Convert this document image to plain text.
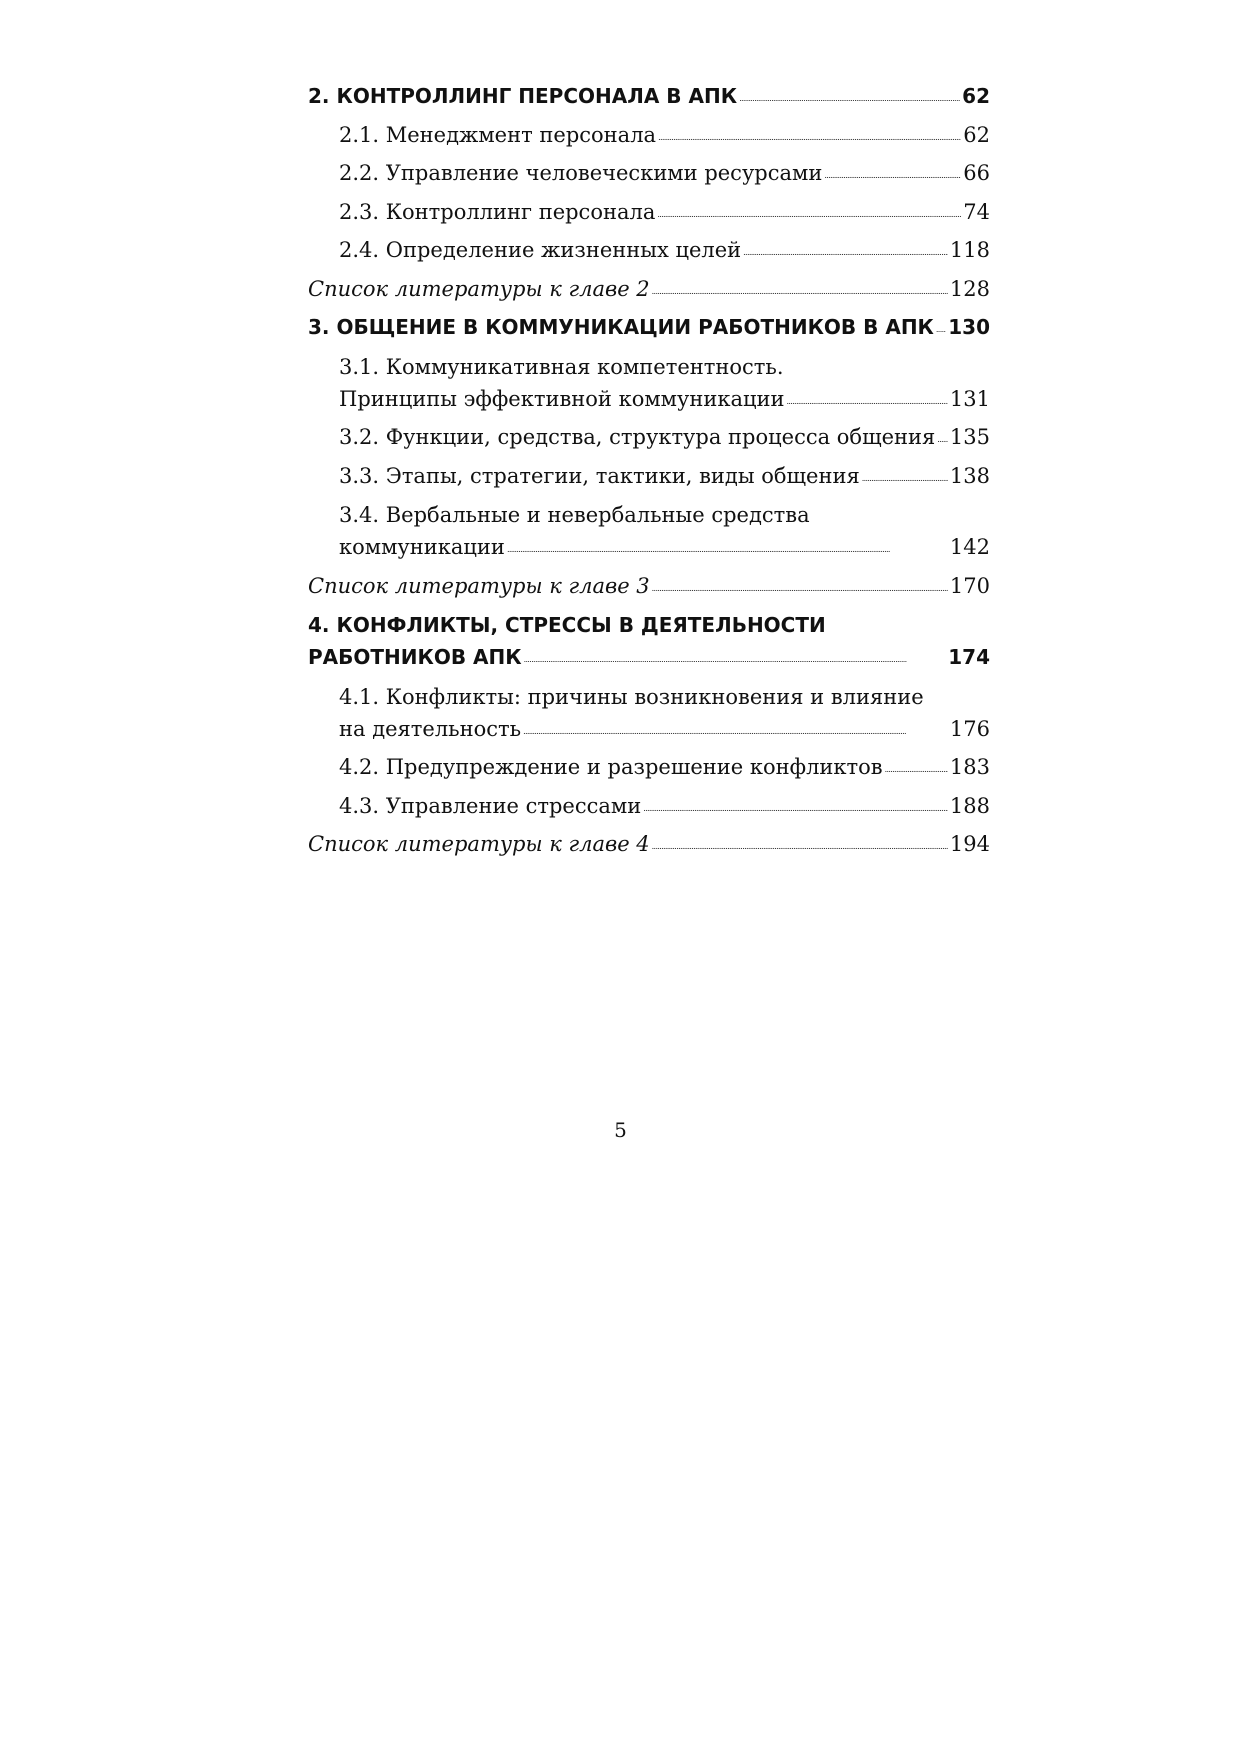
2. КОНТРОЛЛИНГ ПЕРСОНАЛА В АПК . . .	62
2.1. Менеджмент персонала . . .	62
2.2. Управление человеческими ресурсами . . .	66
2.3. Контроллинг персонала . . .	74
2.4. Определение жизненных целей . . .	118
Список литературы к главе 2 . . .	128
3. ОБЩЕНИЕ В КОММУНИКАЦИИ РАБОТНИКОВ В АПК . . . 130
3.1. Коммуникативная компетентность.
Принципы эффективной коммуникации . . .	131
3.2. Функции, средства, структура процесса общения . . . 135
3.3. Этапы, стратегии, тактики, виды общения . . .	138
3.4. Вербальные и невербальные средства
коммуникации . . .	142
Список литературы к главе 3 . . .	170
4. КОНФЛИКТЫ, СТРЕССЫ В ДЕЯТЕЛЬНОСТИ
РАБОТНИКОВ АПК . . .	174
4.1. Конфликты: причины возникновения и влияние
на деятельность . . .	176
4.2. Предупреждение и разрешение конфликтов . . .	183
4.3. Управление стрессами . . .	188
Список литературы к главе 4 . . .	194
5
